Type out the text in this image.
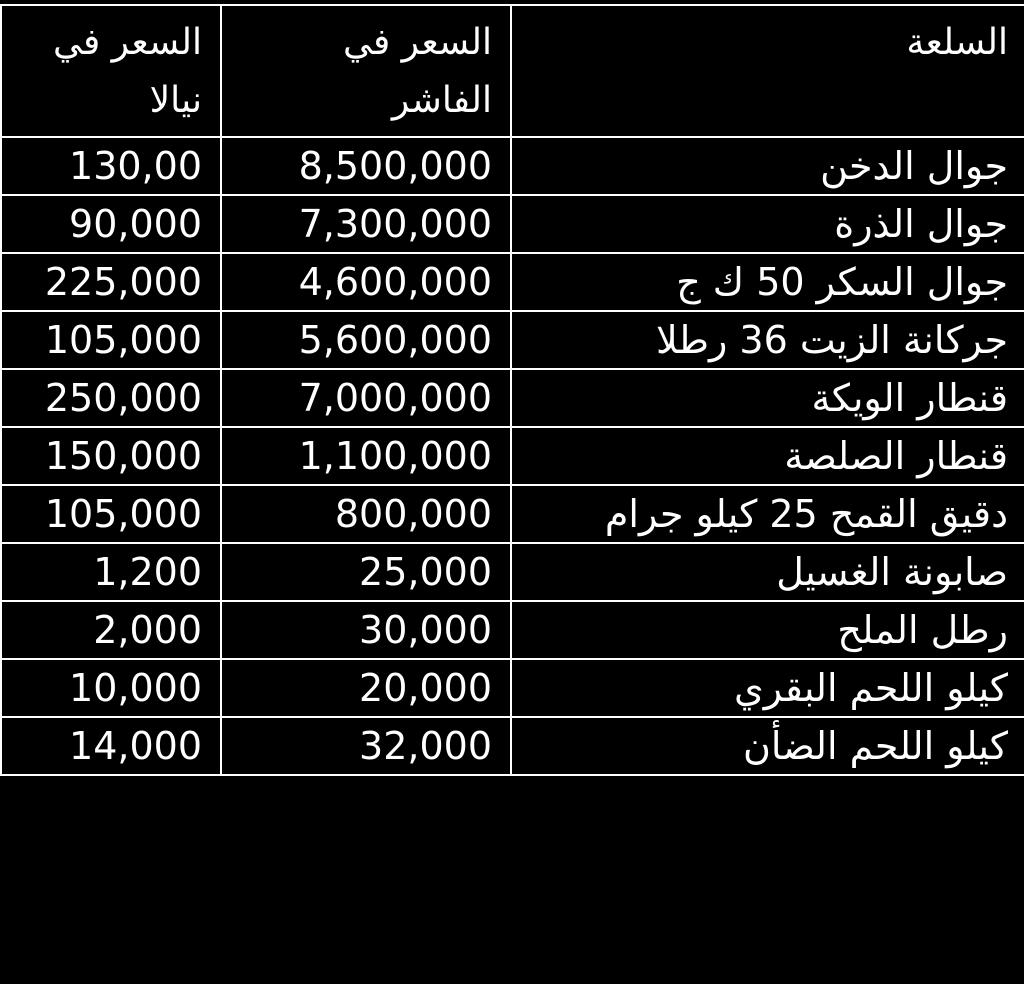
السعر في نيالا	السعر في الفاشر	السلعة
130,00	8,500,000	جوال الدخن
90,000	7,300,000	جوال الذرة
225,000	4,600,000	جوال السكر 50 ك ج
105,000	5,600,000	جركانة الزيت 36 رطلا
250,000	7,000,000	قنطار الويكة
150,000	1,100,000	قنطار الصلصة
105,000	800,000	دقيق القمح 25 كيلو جرام
1,200	25,000	صابونة الغسيل
2,000	30,000	رطل الملح
10,000	20,000	كيلو اللحم البقري
14,000	32,000	كيلو اللحم الضأن
